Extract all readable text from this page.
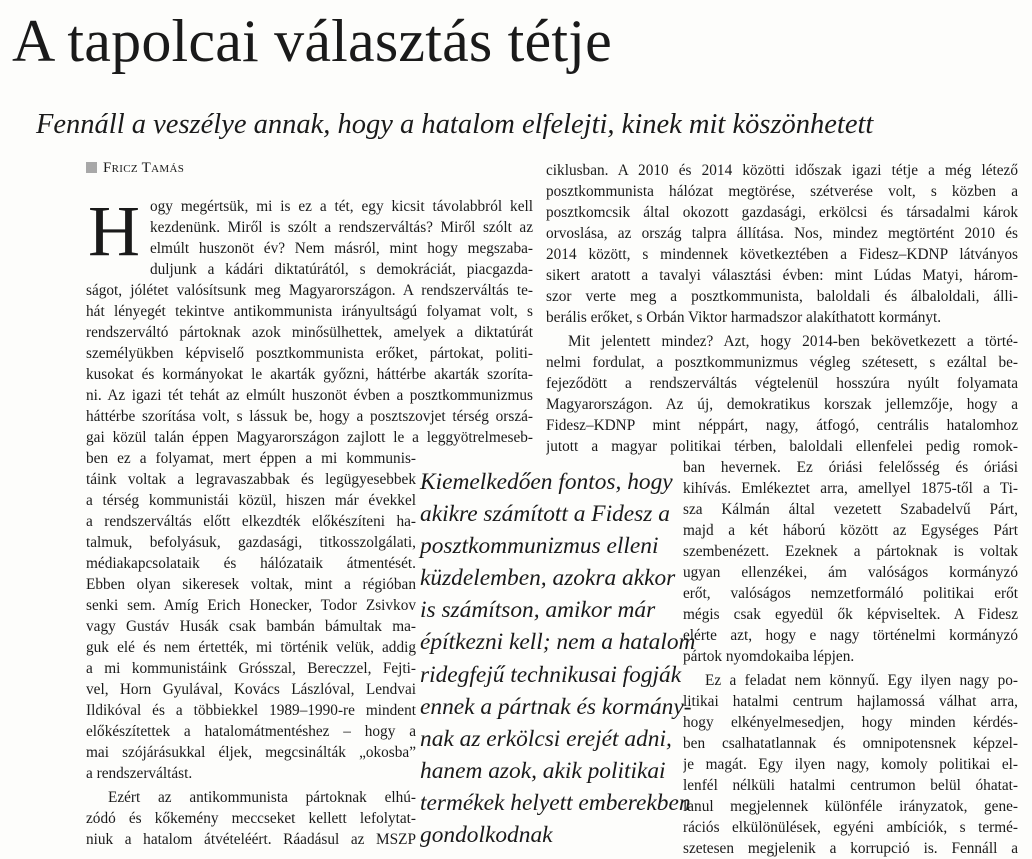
A tapolcai választás tétje
Fennáll a veszélye annak, hogy a hatalom elfelejti, kinek mit köszönhetett
Fricz Tamás
H ogy megértsük, mi is ez a tét, egy kicsit távolabbról kell
kezdenünk. Miről is szólt a rendszerváltás? Miről szólt az
elmúlt huszonöt év? Nem másról, mint hogy megszaba-
duljunk a kádári diktatúrától, s demokráciát, piacgazda-
ságot, jólétet valósítsunk meg Magyarországon. A rendszerváltás te-
hát lényegét tekintve antikommunista irányultságú folyamat volt, s
rendszerváltó pártoknak azok minősülhettek, amelyek a diktatúrát
személyükben képviselő posztkommunista erőket, pártokat, politi-
kusokat és kormányokat le akarták győzni, háttérbe akarták szoríta-
ni. Az igazi tét tehát az elmúlt huszonöt évben a posztkommunizmus
háttérbe szorítása volt, s lássuk be, hogy a posztszovjet térség orszá-
gai közül talán éppen Magyarországon zajlott le a leggyötrelmeseb-
ben ez a folyamat, mert éppen a mi kommunis-
táink voltak a legravaszabbak és legügyesebbek
a térség kommunistái közül, hiszen már évekkel
a rendszerváltás előtt elkezdték előkészíteni ha-
talmuk, befolyásuk, gazdasági, titkosszolgálati,
médiakapcsolataik és hálózataik átmentését.
Ebben olyan sikeresek voltak, mint a régióban
senki sem. Amíg Erich Honecker, Todor Zsivkov
vagy Gustáv Husák csak bambán bámultak ma-
guk elé és nem értették, mi történik velük, addig
a mi kommunistáink Grósszal, Bereczzel, Fejti-
vel, Horn Gyulával, Kovács Lászlóval, Lendvai
Ildikóval és a többiekkel 1989–1990-re mindent
előkészítettek a hatalomátmentéshez – hogy a
mai szójárásukkal éljek, megcsinálták „okosba”
a rendszerváltást.
Ezért az antikommunista pártoknak elhú-
zódó és kőkemény meccseket kellett lefolytat-
niuk a hatalom átvételéért. Ráadásul az MSZP
ciklusban. A 2010 és 2014 közötti időszak igazi tétje a még létező
posztkommunista hálózat megtörése, szétverése volt, s közben a
posztkomcsik által okozott gazdasági, erkölcsi és társadalmi károk
orvoslása, az ország talpra állítása. Nos, mindez megtörtént 2010 és
2014 között, s mindennek következtében a Fidesz–KDNP látványos
sikert aratott a tavalyi választási évben: mint Lúdas Matyi, három-
szor verte meg a posztkommunista, baloldali és álbaloldali, álli-
berális erőket, s Orbán Viktor harmadszor alakíthatott kormányt.
Mit jelentett mindez? Azt, hogy 2014-ben bekövetkezett a törté-
nelmi fordulat, a posztkommunizmus végleg szétesett, s ezáltal be-
fejeződött a rendszerváltás végtelenül hosszúra nyúlt folyamata
Magyarországon. Az új, demokratikus korszak jellemzője, hogy a
Fidesz–KDNP mint néppárt, nagy, átfogó, centrális hatalomhoz
jutott a magyar politikai térben, baloldali ellenfelei pedig romok-
ban hevernek. Ez óriási felelősség és óriási
kihívás. Emlékeztet arra, amellyel 1875-től a Ti-
sza Kálmán által vezetett Szabadelvű Párt,
majd a két háború között az Egységes Párt
szembenézett. Ezeknek a pártoknak is voltak
ugyan ellenzékei, ám valóságos kormányzó
erőt, valóságos nemzetformáló politikai erőt
mégis csak egyedül ők képviseltek. A Fidesz
elérte azt, hogy e nagy történelmi kormányzó
pártok nyomdokaiba lépjen.
Ez a feladat nem könnyű. Egy ilyen nagy po-
litikai hatalmi centrum hajlamossá válhat arra,
hogy elkényelmesedjen, hogy minden kérdés-
ben csalhatatlannak és omnipotensnek képzel-
je magát. Egy ilyen nagy, komoly politikai el-
lenfél nélküli hatalmi centrumon belül óhatat-
lanul megjelennek különféle irányzatok, gene-
rációs elkülönülések, egyéni ambíciók, s termé-
szetesen megjelenik a korrupció is. Fennáll a
Kiemelkedően fontos, hogy
akikre számított a Fidesz a
posztkommunizmus elleni
küzdelemben, azokra akkor
is számítson, amikor már
építkezni kell; nem a hatalom
ridegfejű technikusai fogják
ennek a pártnak és kormány-
nak az erkölcsi erejét adni,
hanem azok, akik politikai
termékek helyett emberekben
gondolkodnak
